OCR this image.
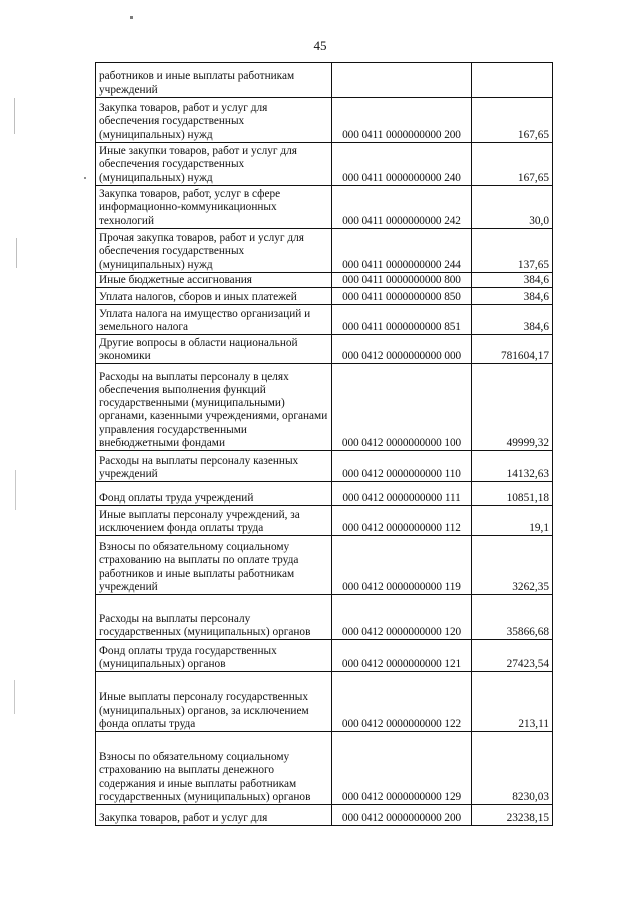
45
работников и иные выплаты работникам учреждений		
Закупка товаров, работ и услуг для обеспечения государственных (муниципальных) нужд	000 0411 0000000000 200	167,65
Иные закупки товаров, работ и услуг для обеспечения государственных (муниципальных) нужд	000 0411 0000000000 240	167,65
Закупка товаров, работ, услуг в сфере информационно-коммуникационных технологий	000 0411 0000000000 242	30,0
Прочая закупка товаров, работ и услуг для обеспечения государственных (муниципальных) нужд	000 0411 0000000000 244	137,65
Иные бюджетные ассигнования	000 0411 0000000000 800	384,6
Уплата налогов, сборов и иных платежей	000 0411 0000000000 850	384,6
Уплата налога на имущество организаций и земельного налога	000 0411 0000000000 851	384,6
Другие вопросы в области национальной экономики	000 0412 0000000000 000	781604,17
Расходы на выплаты персоналу в целях обеспечения выполнения функций государственными (муниципальными) органами, казенными учреждениями, органами управления государственными внебюджетными фондами	000 0412 0000000000 100	49999,32
Расходы на выплаты персоналу казенных учреждений	000 0412 0000000000 110	14132,63
Фонд оплаты труда учреждений	000 0412 0000000000 111	10851,18
Иные выплаты персоналу учреждений, за исключением фонда оплаты труда	000 0412 0000000000 112	19,1
Взносы по обязательному социальному страхованию на выплаты по оплате труда работников и иные выплаты работникам учреждений	000 0412 0000000000 119	3262,35
Расходы на выплаты персоналу государственных (муниципальных) органов	000 0412 0000000000 120	35866,68
Фонд оплаты труда государственных (муниципальных) органов	000 0412 0000000000 121	27423,54
Иные выплаты персоналу государственных (муниципальных) органов, за исключением фонда оплаты труда	000 0412 0000000000 122	213,11
Взносы по обязательному социальному страхованию на выплаты денежного содержания и иные выплаты работникам государственных (муниципальных) органов	000 0412 0000000000 129	8230,03
Закупка товаров, работ и услуг для	000 0412 0000000000 200	23238,15
